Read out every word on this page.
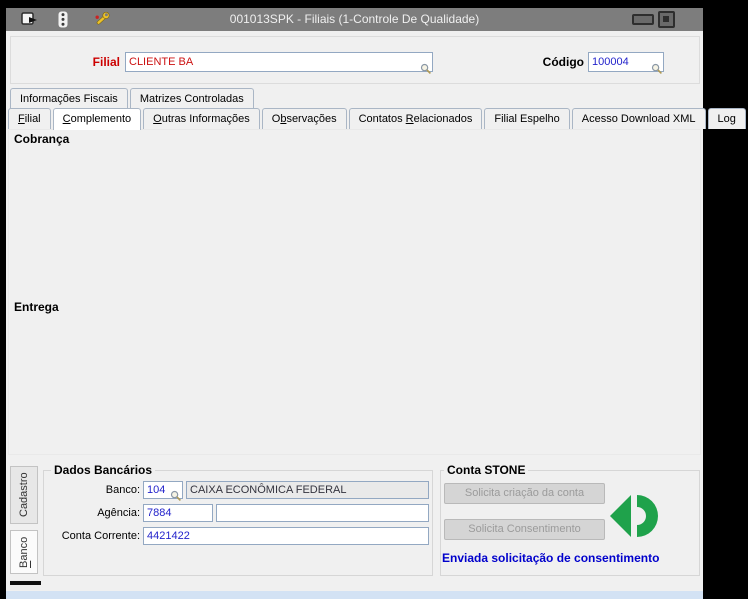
001013SPK - Filiais (1-Controle De Qualidade)
Filial CLIENTE BA	Código 100004
Informações Fiscais	Matrizes Controladas
Filial	Complemento	Outras Informações	Observações	Contatos Relacionados	Filial Espelho	Acesso Download XML	Log
Cobrança
Entrega
Cadastro
Banco
Dados Bancários
Banco: 104	CAIXA ECONÔMICA FEDERAL
Agência: 7884
Conta Corrente: 4421422
Conta STONE
Solicita criação da conta
Solicita Consentimento
Enviada solicitação de consentimento
